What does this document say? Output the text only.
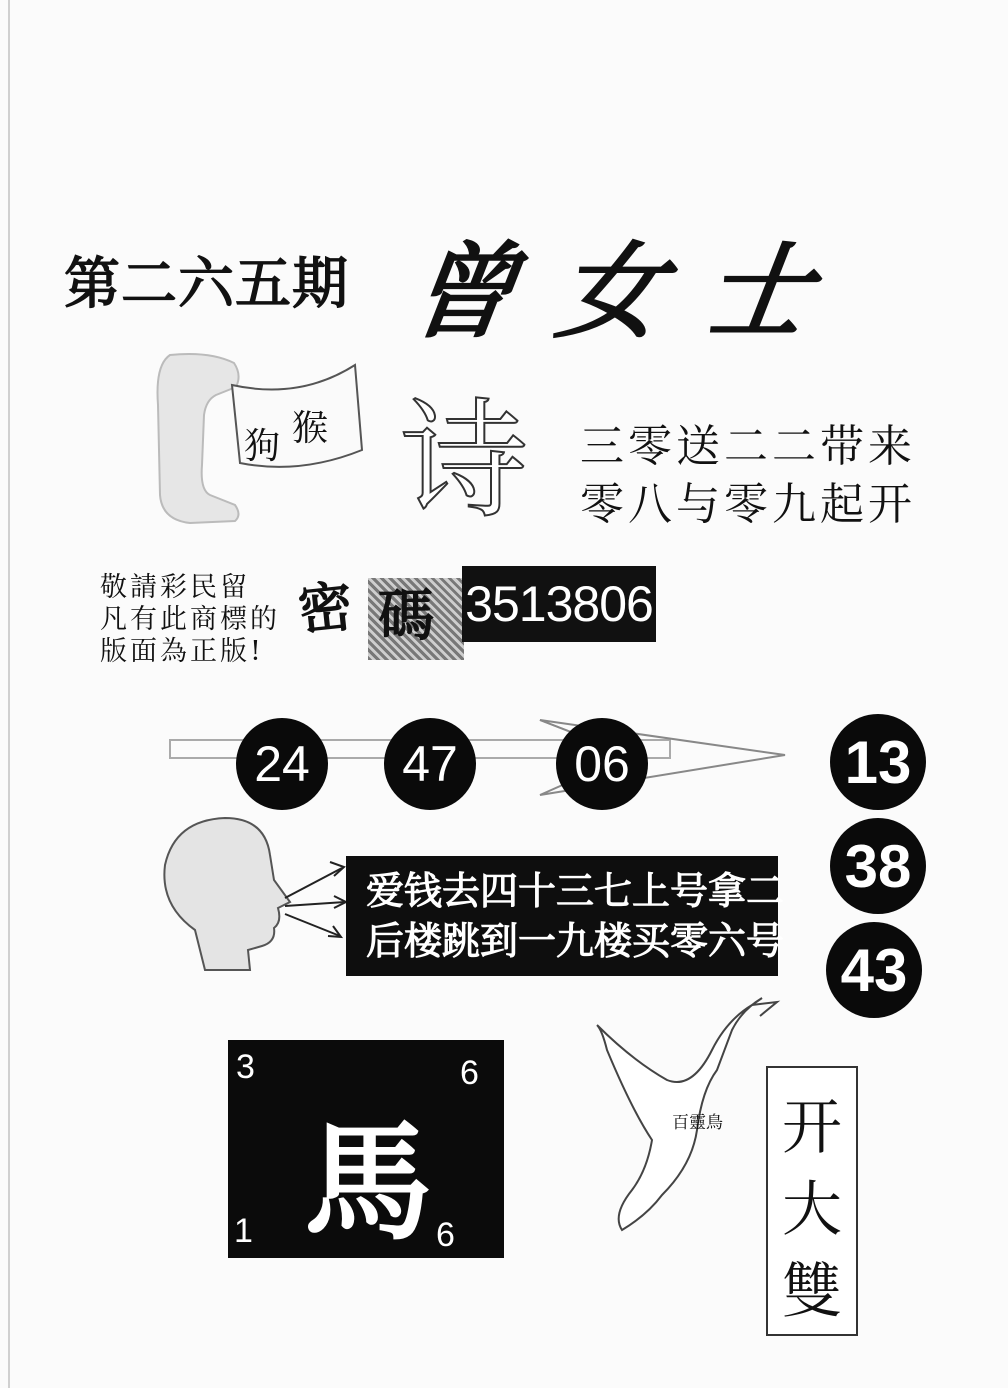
第二六五期 曾女士
狗 猴 诗 三零送二二带来
零八与零九起开
敬請彩民留
凡有此商標的
版面為正版!
密 碼 3513806
24	47	06	13
38
43
爱钱去四十三七上号拿二
后楼跳到一九楼买零六号
3	6
馬
1	6
百靈鳥 开
大
雙
